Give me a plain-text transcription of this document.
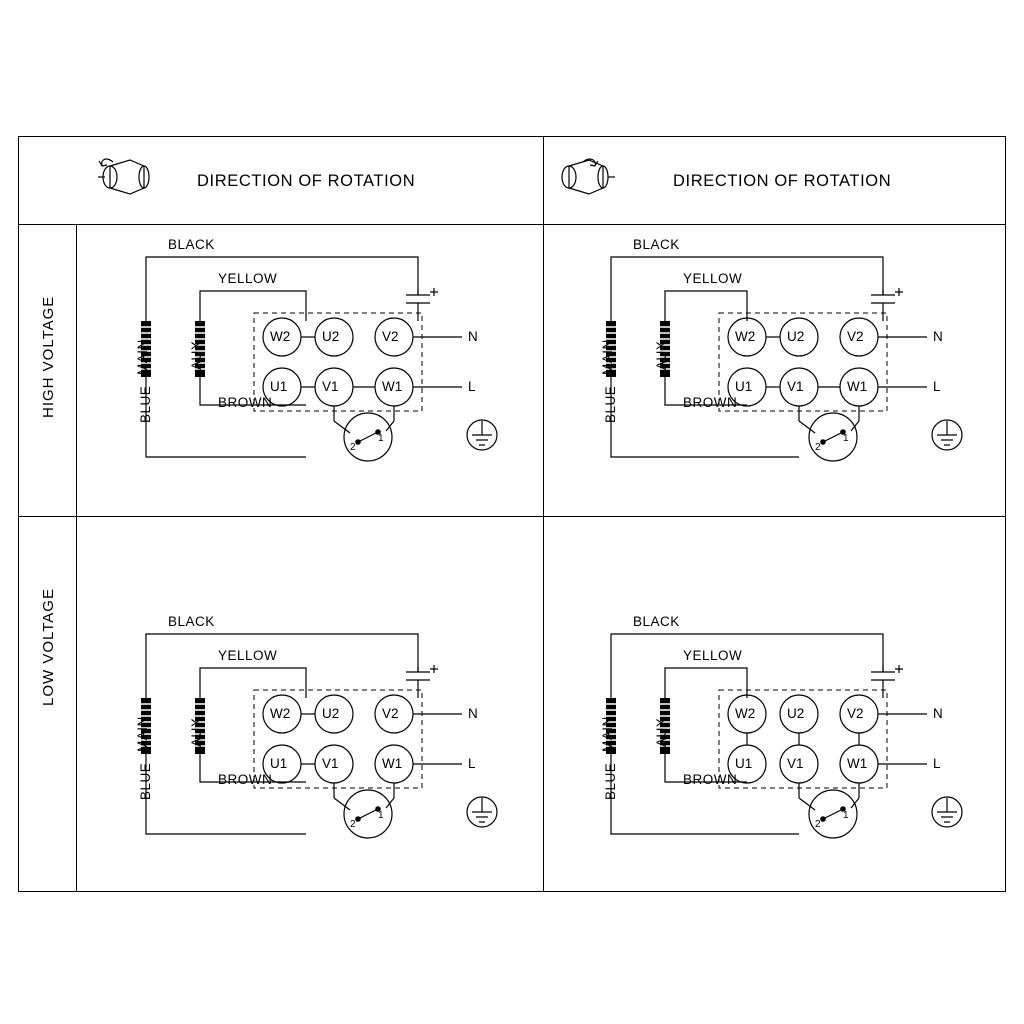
DIRECTION OF ROTATION	DIRECTION OF ROTATION
HIGH VOLTAGE
LOW VOLTAGE
BLACK
YELLOW
BROWN
BLUE
MAIN	AUX
W2 U2	V2
U1	V1	W1
N
L
2
1
BLACK
YELLOW
BROWN
BLUE
MAIN	AUX
W2 U2	V2
U1	V1	W1
N
L
2
1
BLACK
YELLOW
BROWN
BLUE
MAIN	AUX
W2 U2	V2
U1	V1	W1
N
L
2
1
BLACK
YELLOW
BROWN
BLUE
MAIN	AUX
W2 U2	V2
U1	V1	W1
N
L
2
1
